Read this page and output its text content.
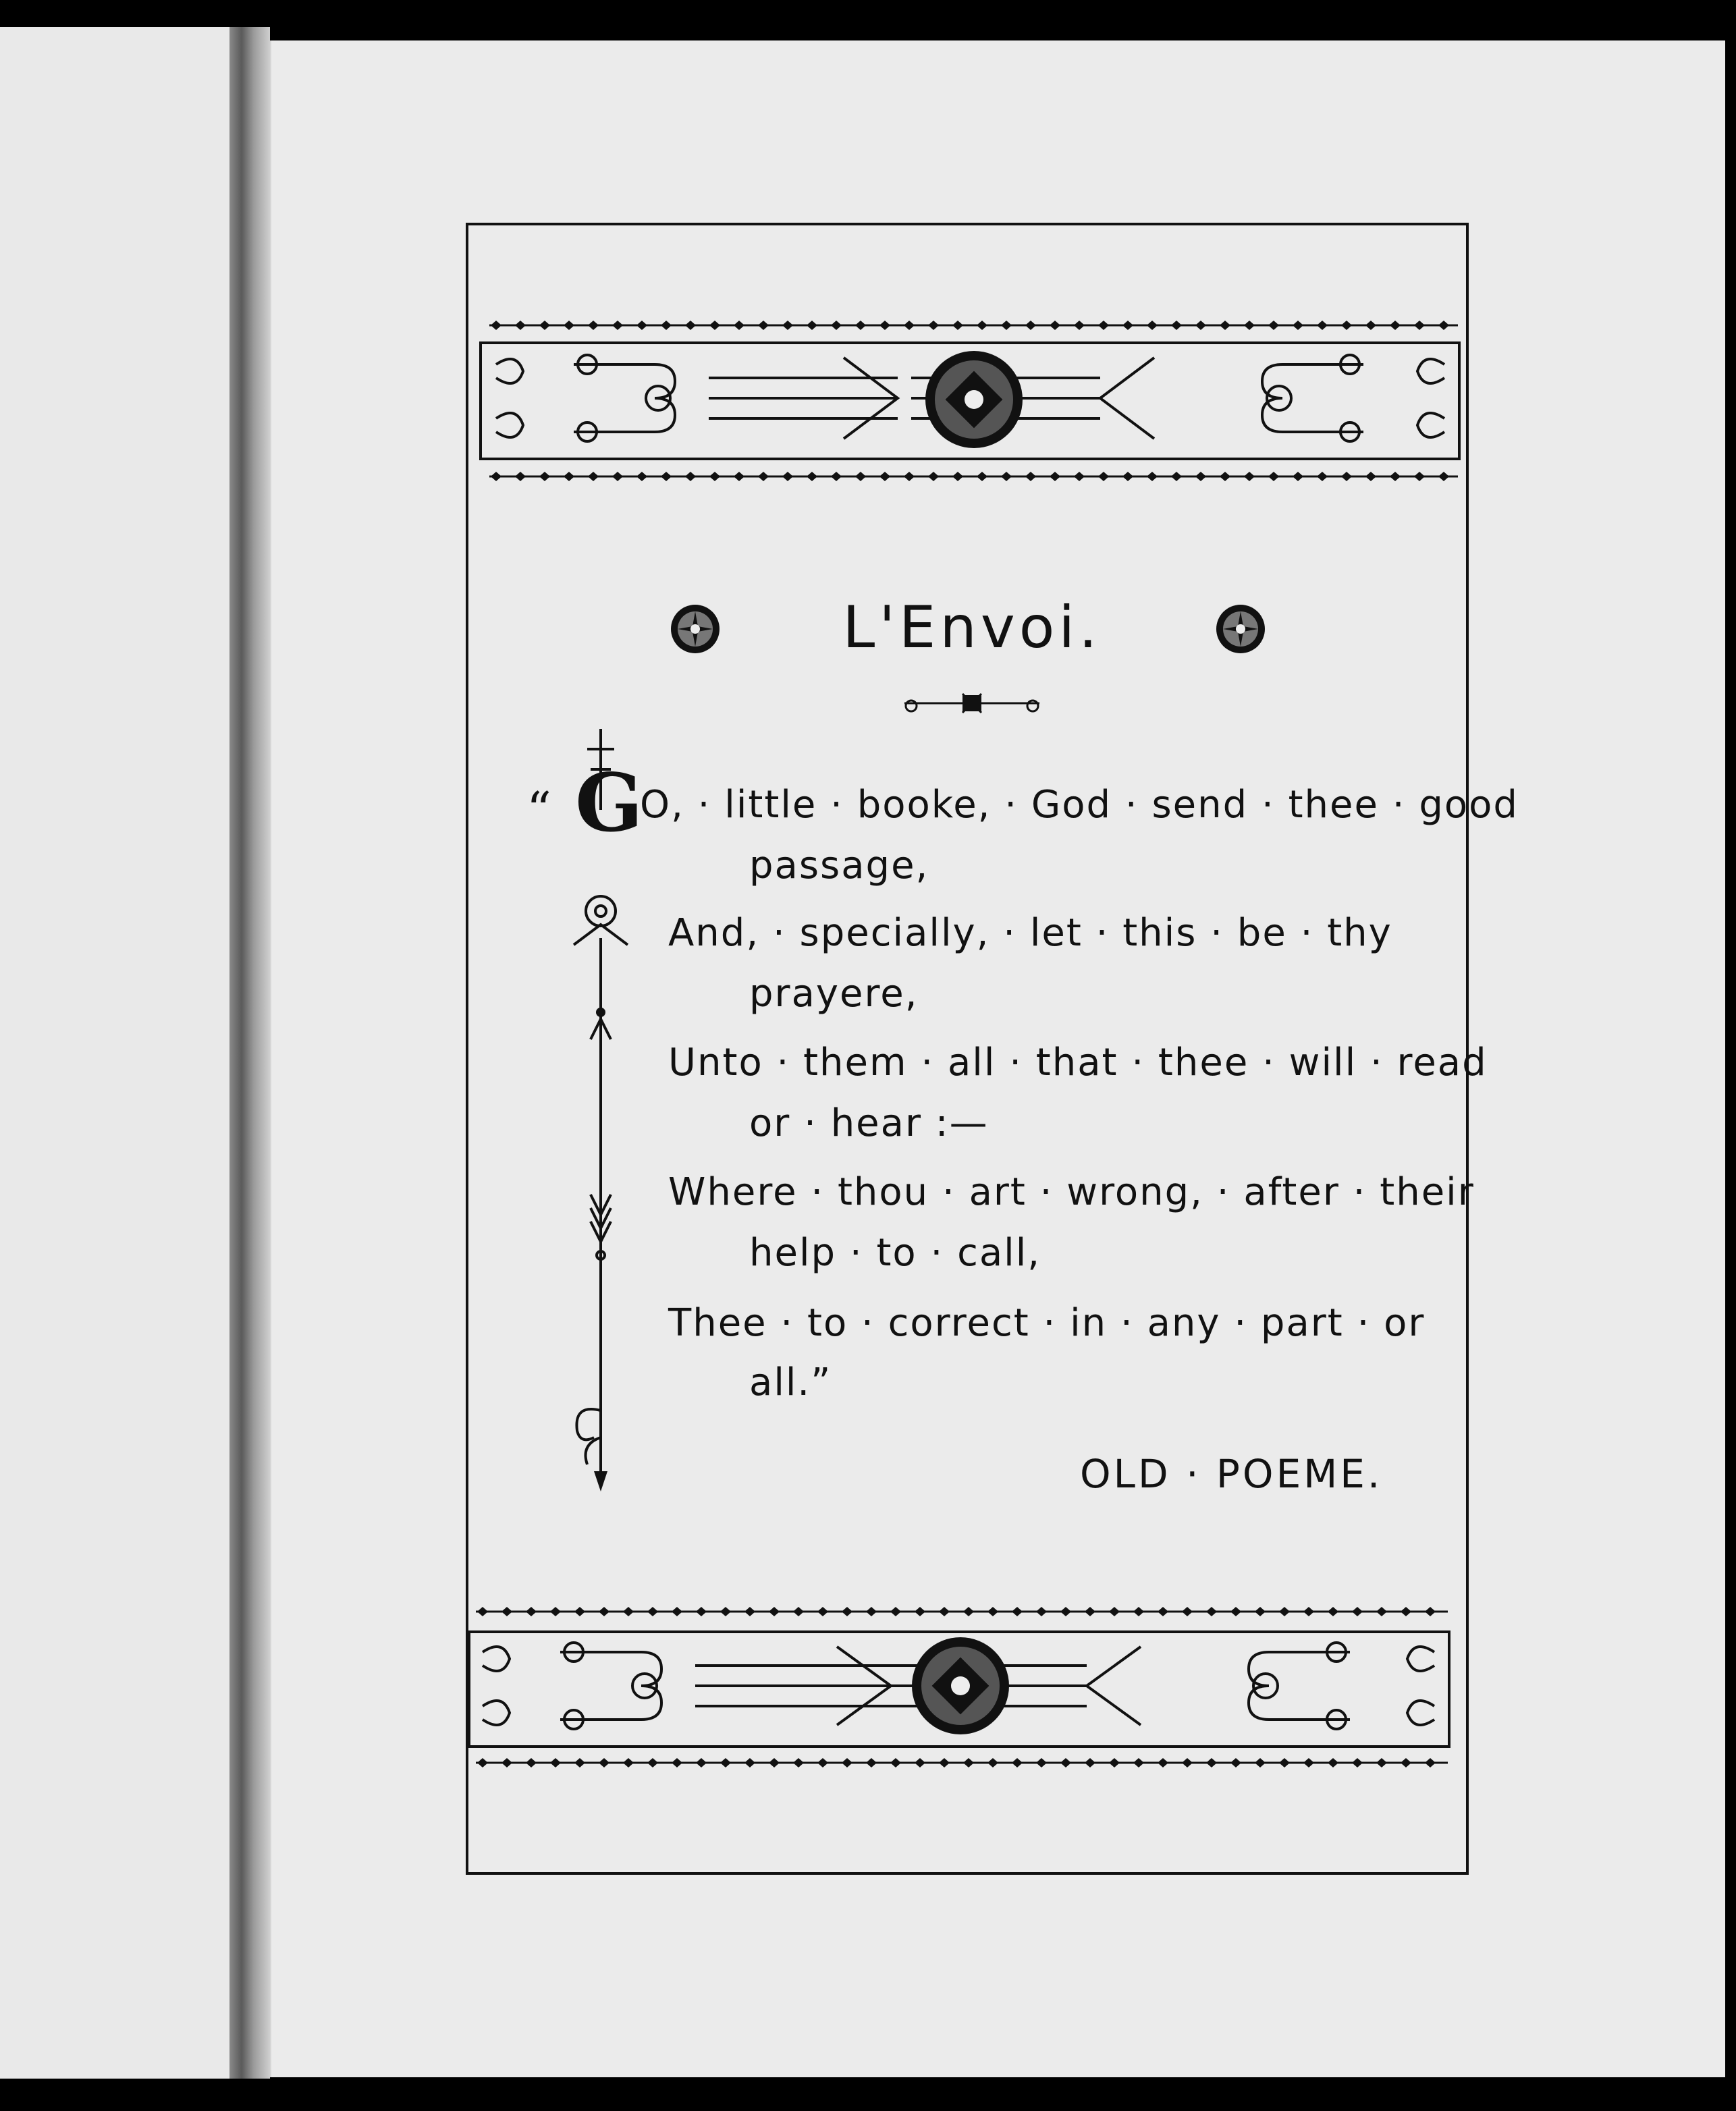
L'Envoi.
“ G
O, · little · booke, · God · send · thee · good
passage,
And, · specially, · let · this · be · thy
prayere,
Unto · them · all · that · thee · will · read
or · hear :—
Where · thou · art · wrong, · after · their
help · to · call,
Thee · to · correct · in · any · part · or
all.”
OLD · POEME.
